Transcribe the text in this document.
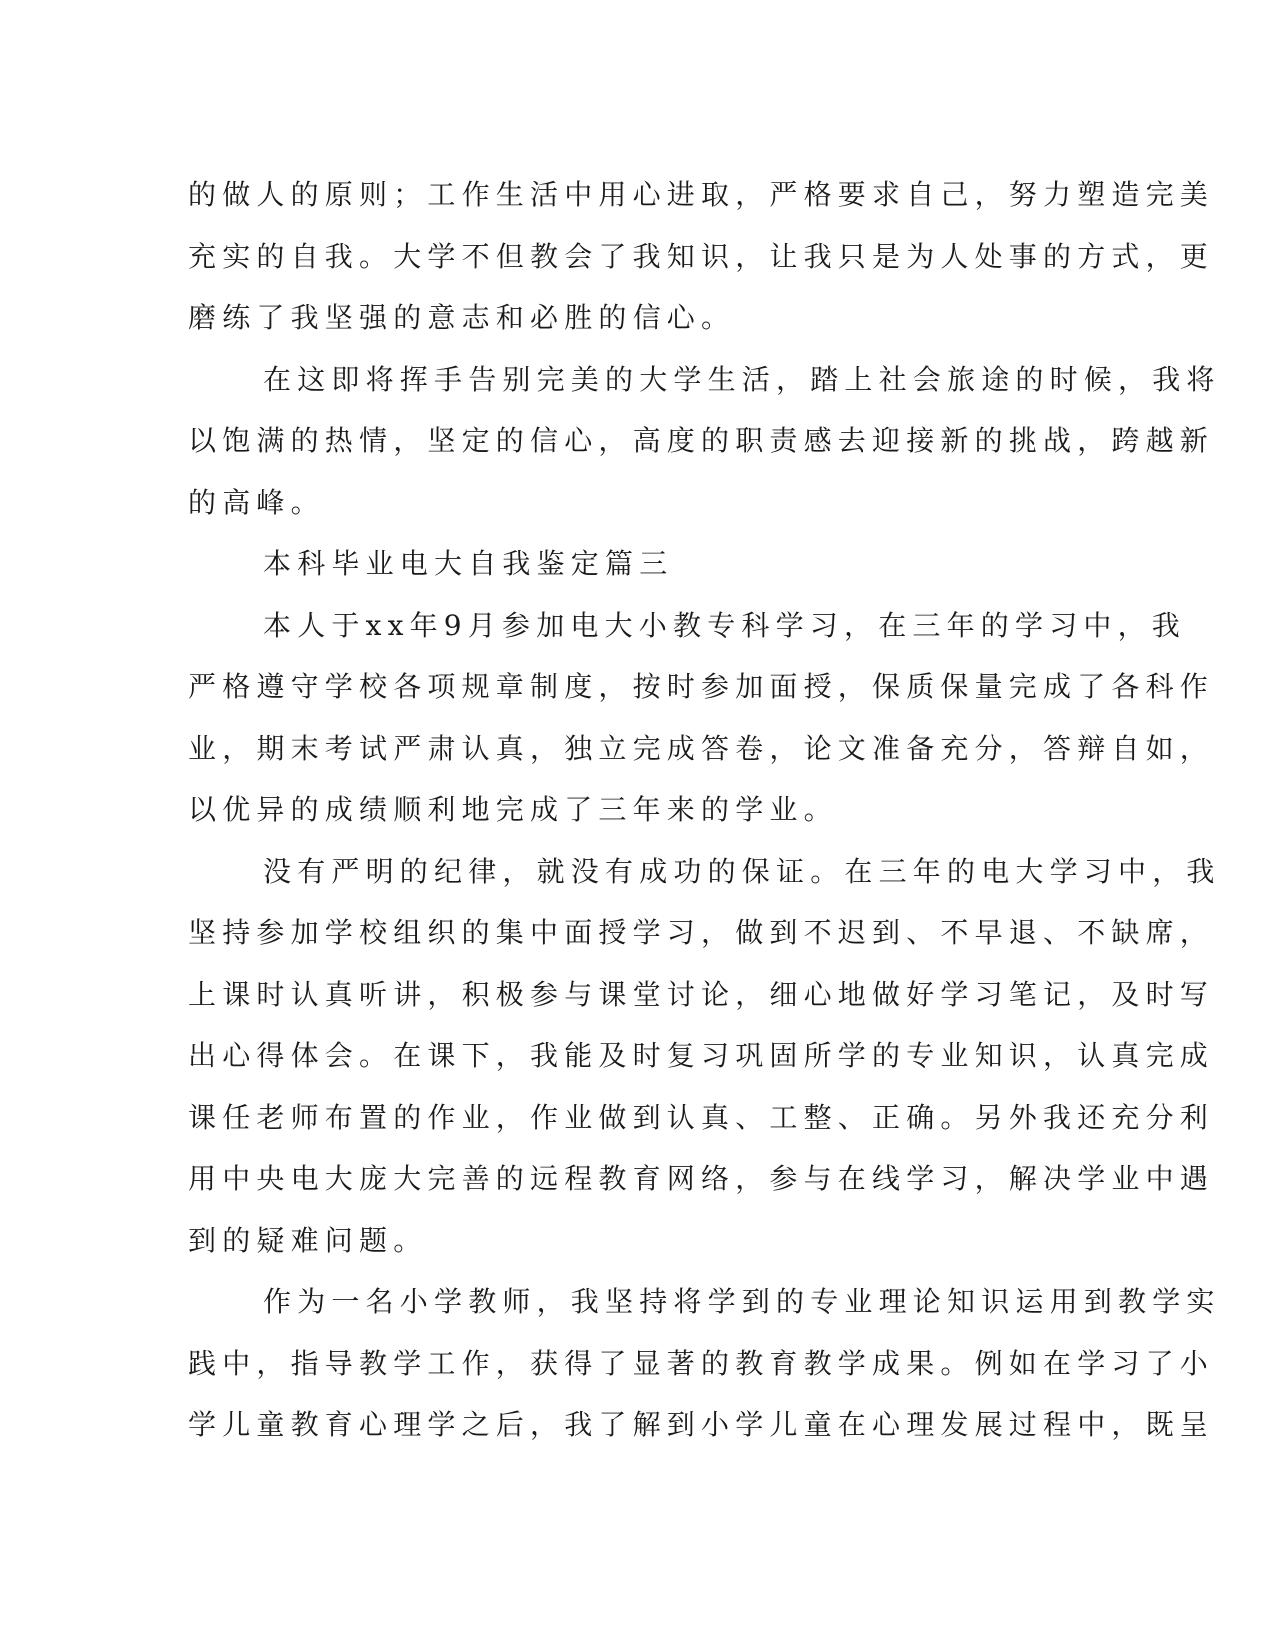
的做人的原则；工作生活中用心进取，严格要求自己，努力塑造完美
充实的自我。大学不但教会了我知识，让我只是为人处事的方式，更
磨练了我坚强的意志和必胜的信心。
在这即将挥手告别完美的大学生活，踏上社会旅途的时候，我将
以饱满的热情，坚定的信心，高度的职责感去迎接新的挑战，跨越新
的高峰。
本科毕业电大自我鉴定篇三
本人于xx年9月参加电大小教专科学习，在三年的学习中，我
严格遵守学校各项规章制度，按时参加面授，保质保量完成了各科作
业，期末考试严肃认真，独立完成答卷，论文准备充分，答辩自如，
以优异的成绩顺利地完成了三年来的学业。
没有严明的纪律，就没有成功的保证。在三年的电大学习中，我
坚持参加学校组织的集中面授学习，做到不迟到、不早退、不缺席，
上课时认真听讲，积极参与课堂讨论，细心地做好学习笔记，及时写
出心得体会。在课下，我能及时复习巩固所学的专业知识，认真完成
课任老师布置的作业，作业做到认真、工整、正确。另外我还充分利
用中央电大庞大完善的远程教育网络，参与在线学习，解决学业中遇
到的疑难问题。
作为一名小学教师，我坚持将学到的专业理论知识运用到教学实
践中，指导教学工作，获得了显著的教育教学成果。例如在学习了小
学儿童教育心理学之后，我了解到小学儿童在心理发展过程中，既呈
